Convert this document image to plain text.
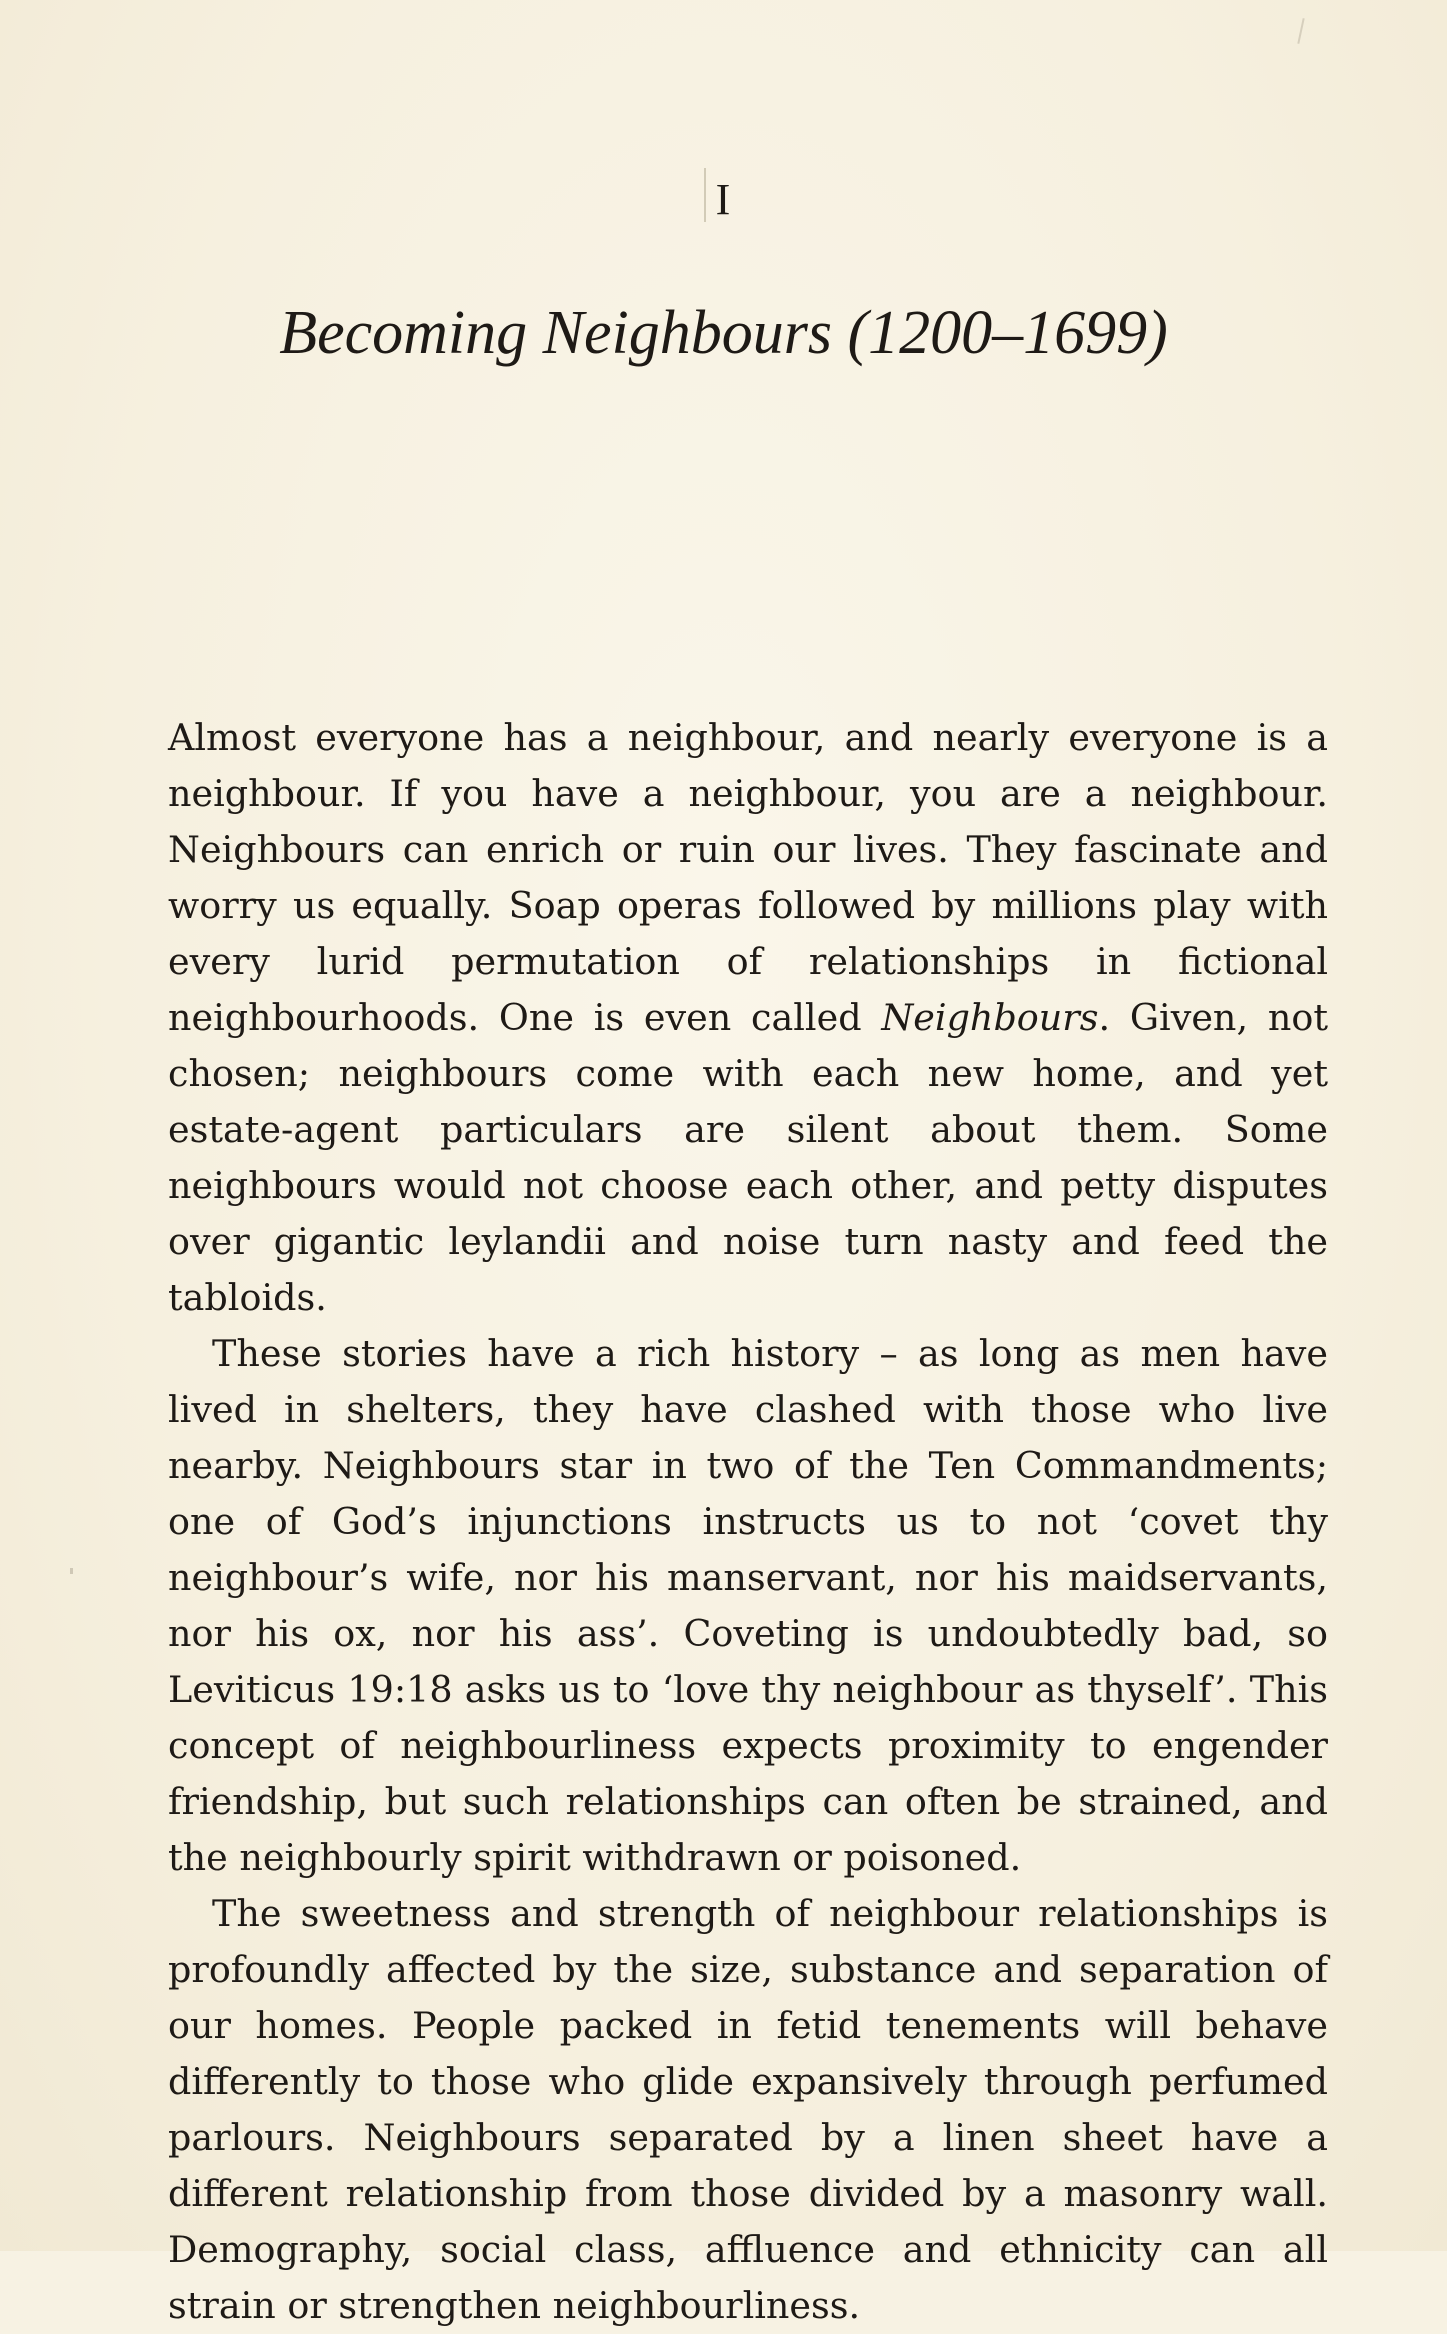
I
Becoming Neighbours (1200–1699)

Almost everyone has a neighbour, and nearly everyone is a neighbour. If you have a neighbour, you are a neighbour. Neighbours can enrich or ruin our lives. They fascinate and worry us equally. Soap operas followed by millions play with every lurid permutation of relationships in fictional neighbourhoods. One is even called Neighbours. Given, not chosen; neighbours come with each new home, and yet estate-agent particulars are silent about them. Some neighbours would not choose each other, and petty disputes over gigantic leylandii and noise turn nasty and feed the tabloids.

These stories have a rich history – as long as men have lived in shelters, they have clashed with those who live nearby. Neighbours star in two of the Ten Commandments; one of God’s injunctions instructs us to not ‘covet thy neighbour’s wife, nor his manservant, nor his maidservants, nor his ox, nor his ass’. Coveting is undoubtedly bad, so Leviticus 19:18 asks us to ‘love thy neighbour as thyself’. This concept of neighbourliness expects proximity to engender friendship, but such relationships can often be strained, and the neighbourly spirit withdrawn or poisoned.

The sweetness and strength of neighbour relationships is profoundly affected by the size, substance and separation of our homes. People packed in fetid tenements will behave differently to those who glide expansively through perfumed parlours. Neighbours separated by a linen sheet have a different relationship from those divided by a masonry wall. Demography, social class, affluence and ethnicity can all strain or strengthen neighbourliness.
